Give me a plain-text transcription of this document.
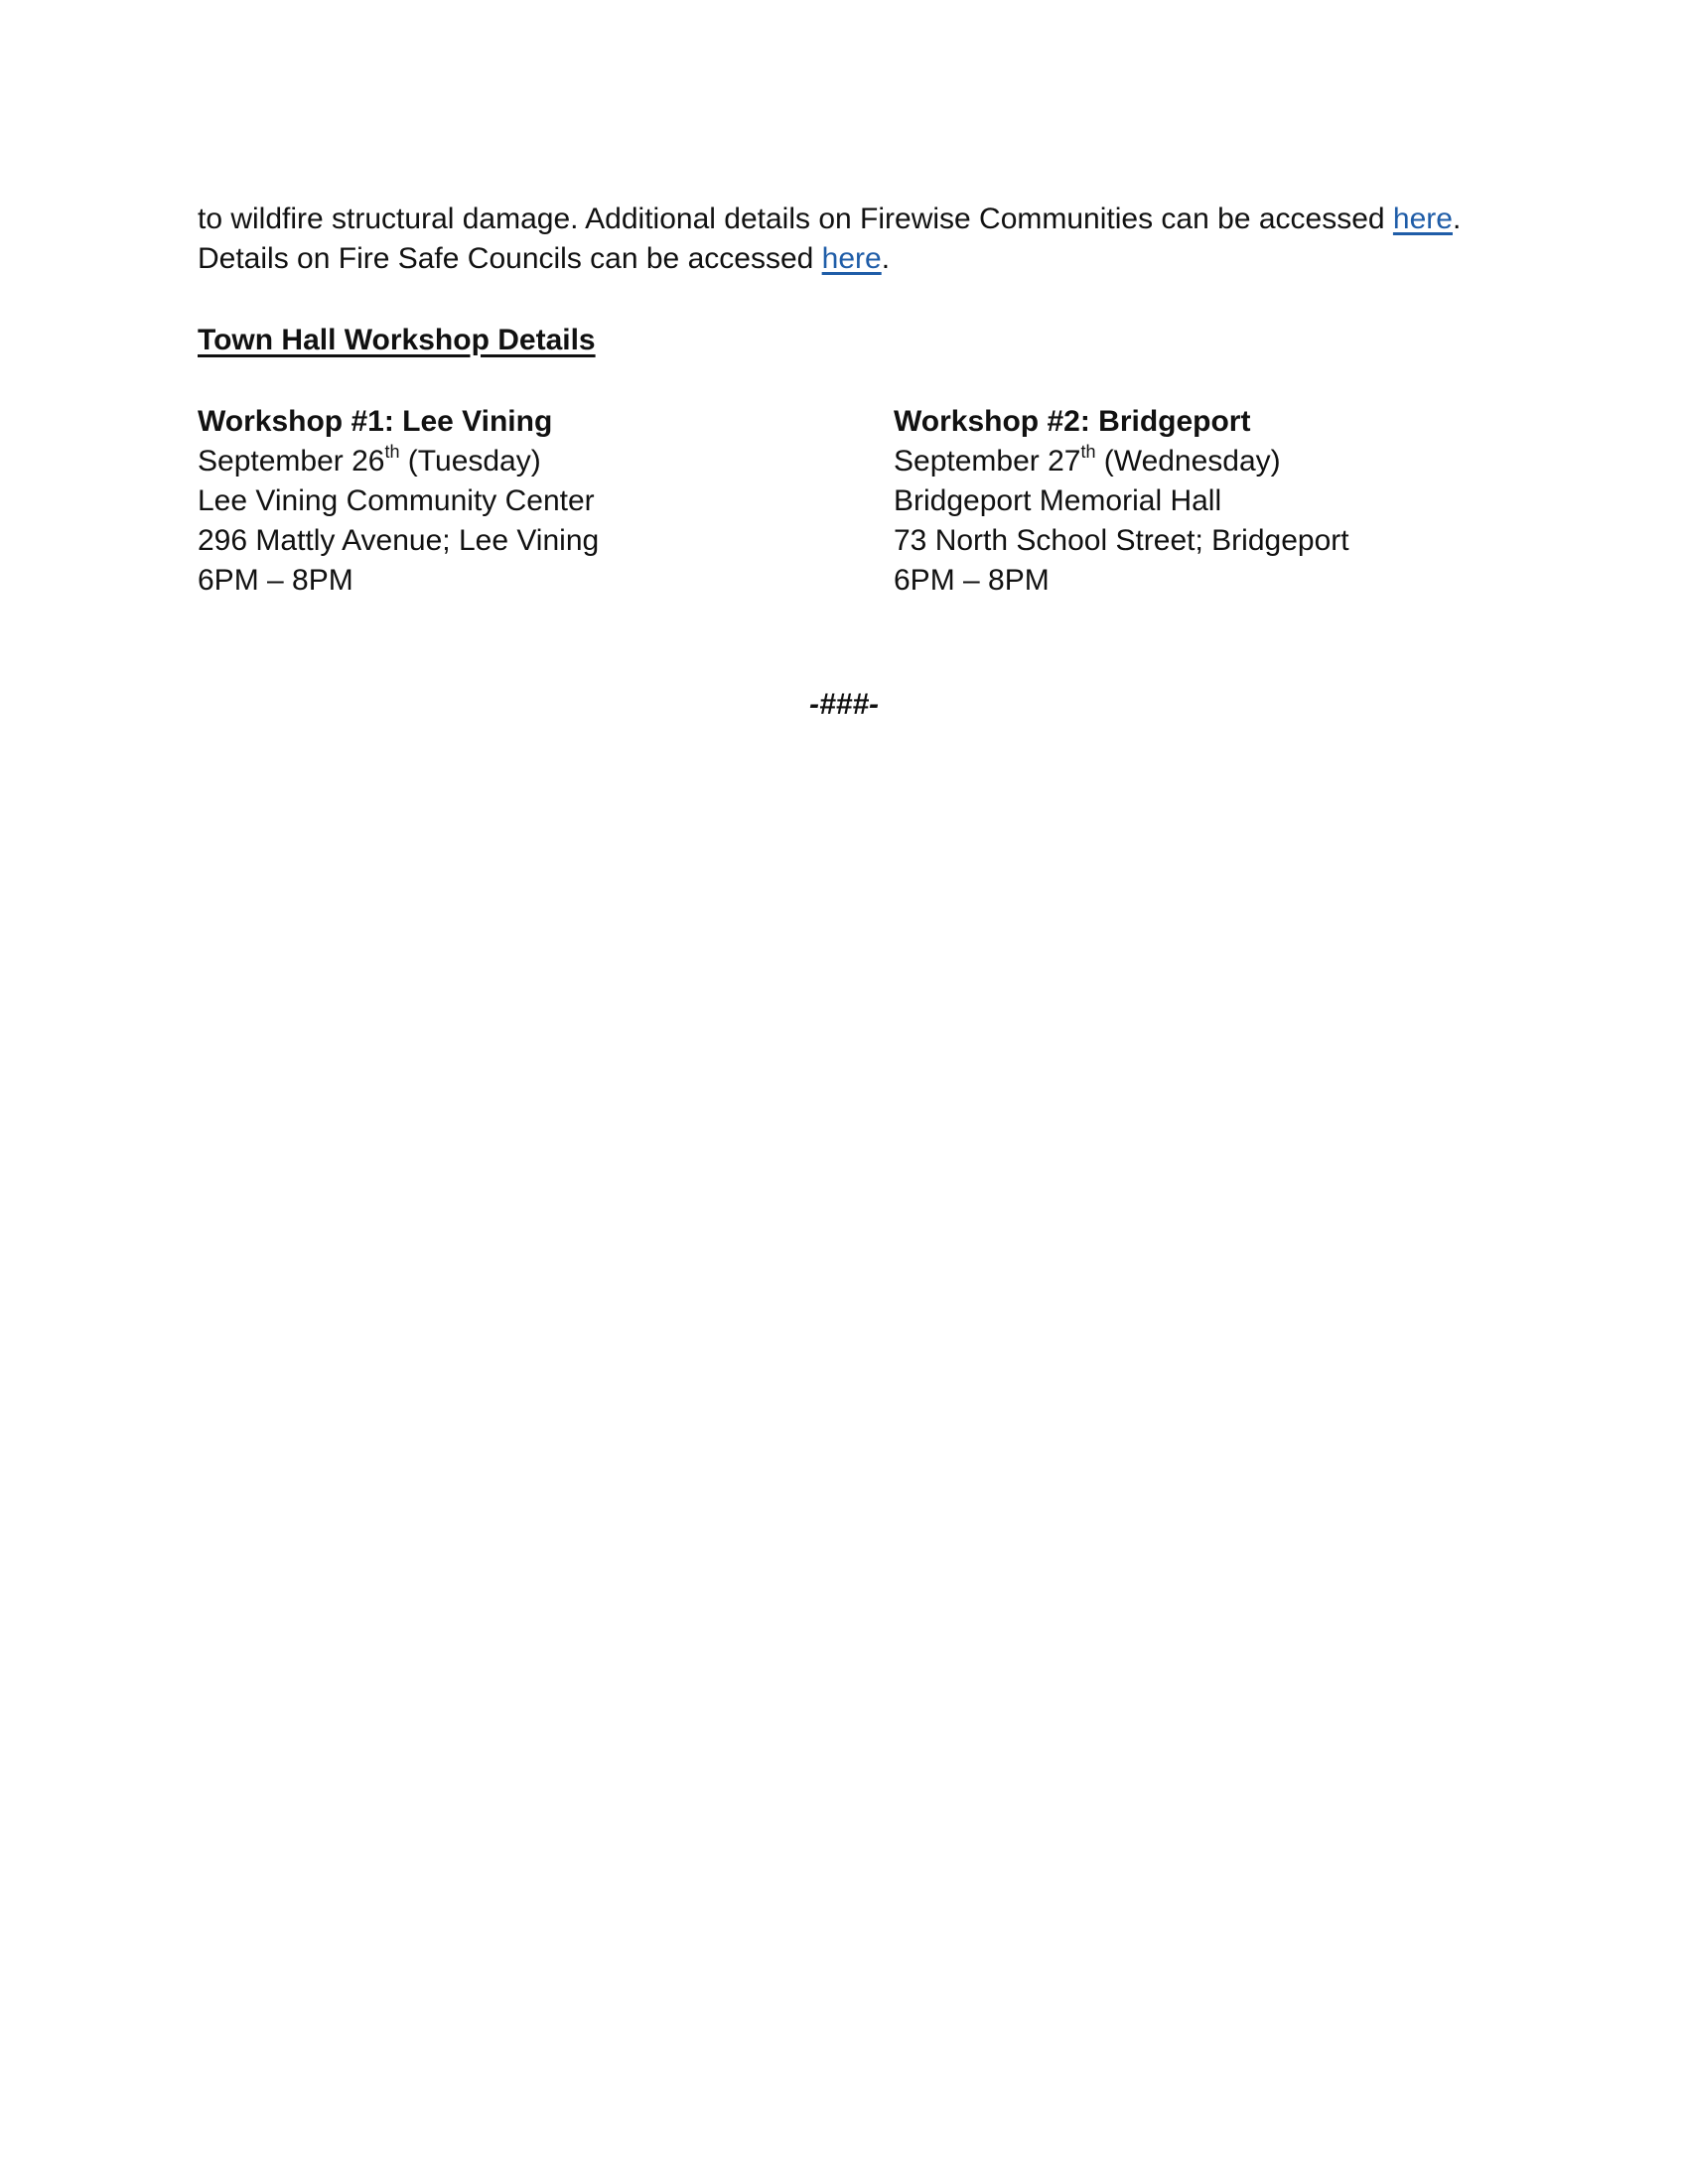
to wildfire structural damage. Additional details on Firewise Communities can be accessed here.
Details on Fire Safe Councils can be accessed here.
Town Hall Workshop Details
Workshop #1: Lee Vining
September 26th (Tuesday)
Lee Vining Community Center
296 Mattly Avenue; Lee Vining
6PM – 8PM
Workshop #2: Bridgeport
September 27th (Wednesday)
Bridgeport Memorial Hall
73 North School Street; Bridgeport
6PM – 8PM
-###-
